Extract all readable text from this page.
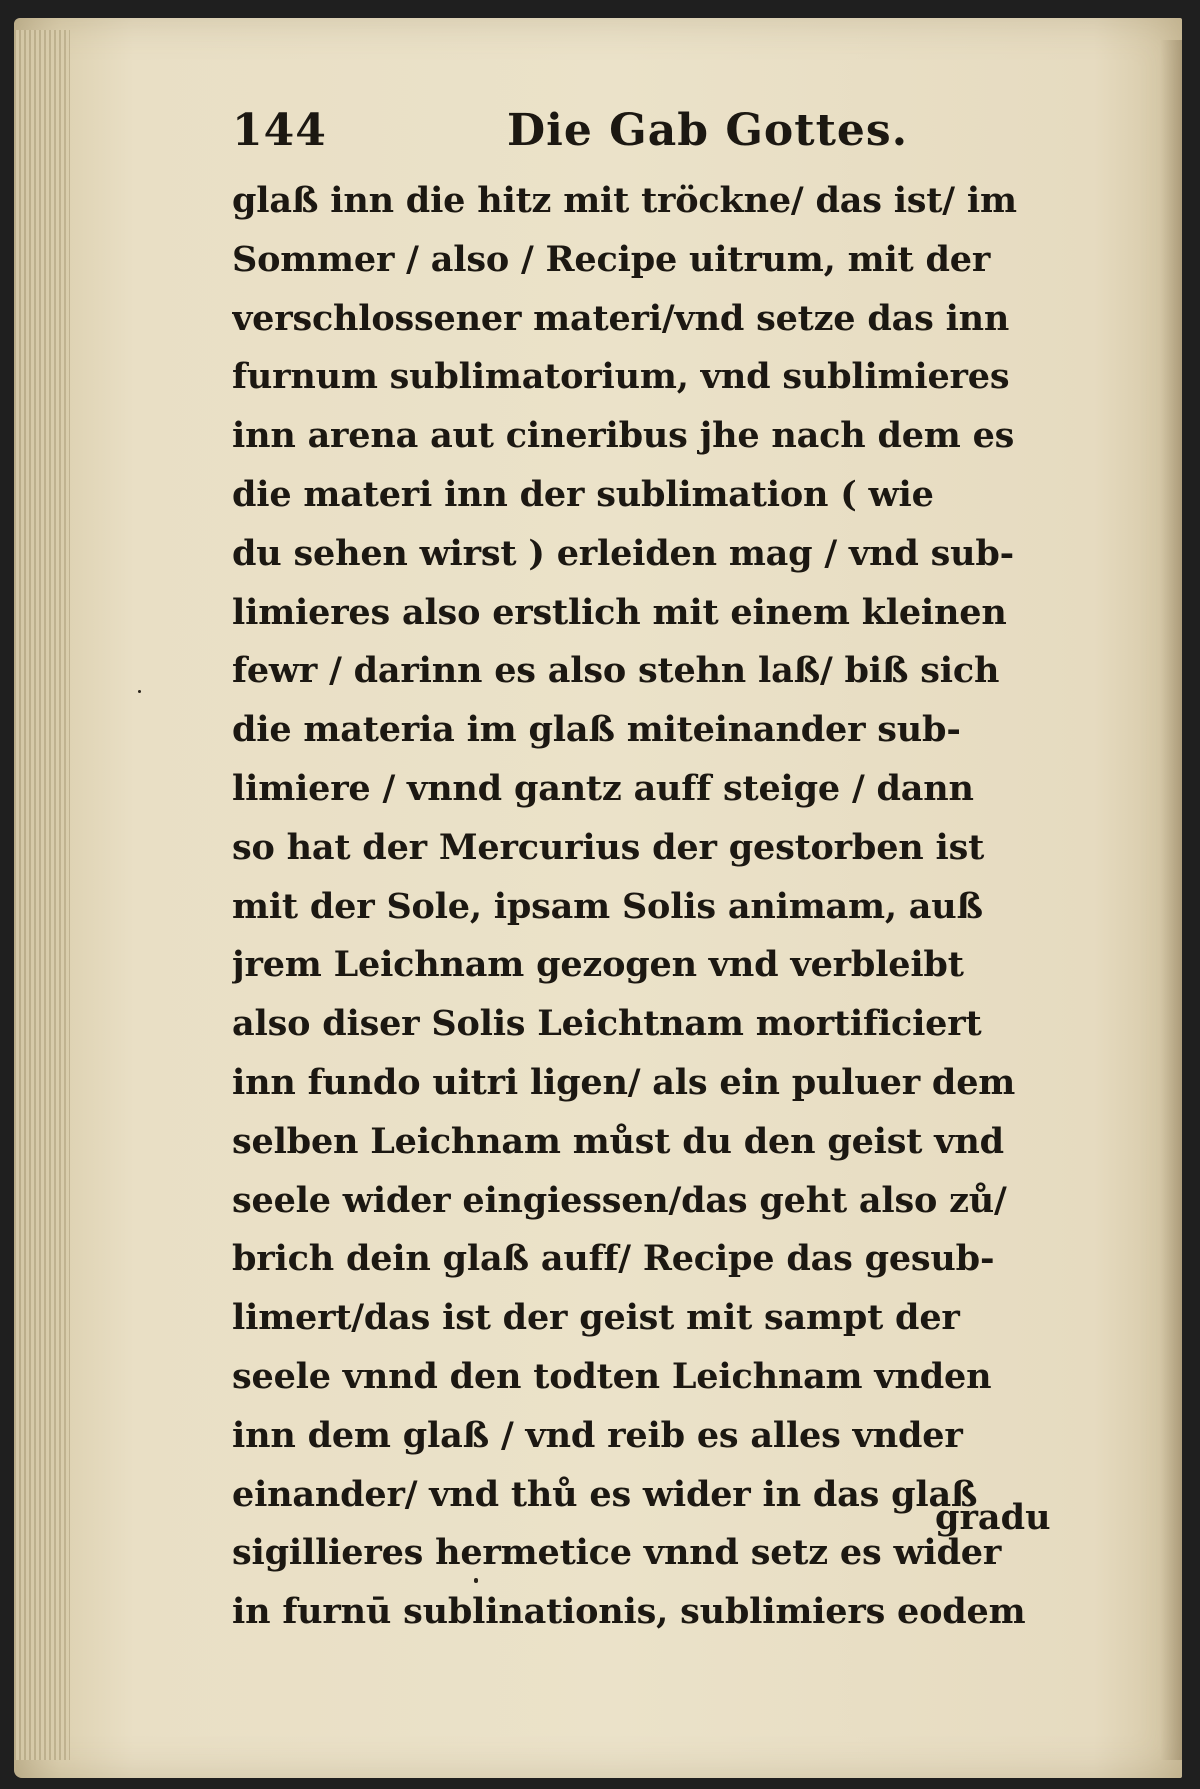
144	Die Gab Gottes.
glaß inn die hitz mit tröckne/ das ist/ im
Sommer / also / Recipe uitrum, mit der
verschlossener materi/vnd setze das inn
furnum sublimatorium, vnd sublimieres
inn arena aut cineribus jhe nach dem es
die materi inn der sublimation ( wie
du sehen wirst ) erleiden mag / vnd sub-
limieres also erstlich mit einem kleinen
fewr / darinn es also stehn laß/ biß sich
die materia im glaß miteinander sub-
limiere / vnnd gantz auff steige / dann
so hat der Mercurius der gestorben ist
mit der Sole, ipsam Solis animam, auß
jrem Leichnam gezogen vnd verbleibt
also diser Solis Leichtnam mortificiert
inn fundo uitri ligen/ als ein puluer dem
selben Leichnam můst du den geist vnd
seele wider eingiessen/das geht also zů/
brich dein glaß auff/ Recipe das gesub-
limert/das ist der geist mit sampt der
seele vnnd den todten Leichnam vnden
inn dem glaß / vnd reib es alles vnder
einander/ vnd thů es wider in das glaß
sigillieres hermetice vnnd setz es wider
in furnū sublinationis, sublimiers eodem
gradu
